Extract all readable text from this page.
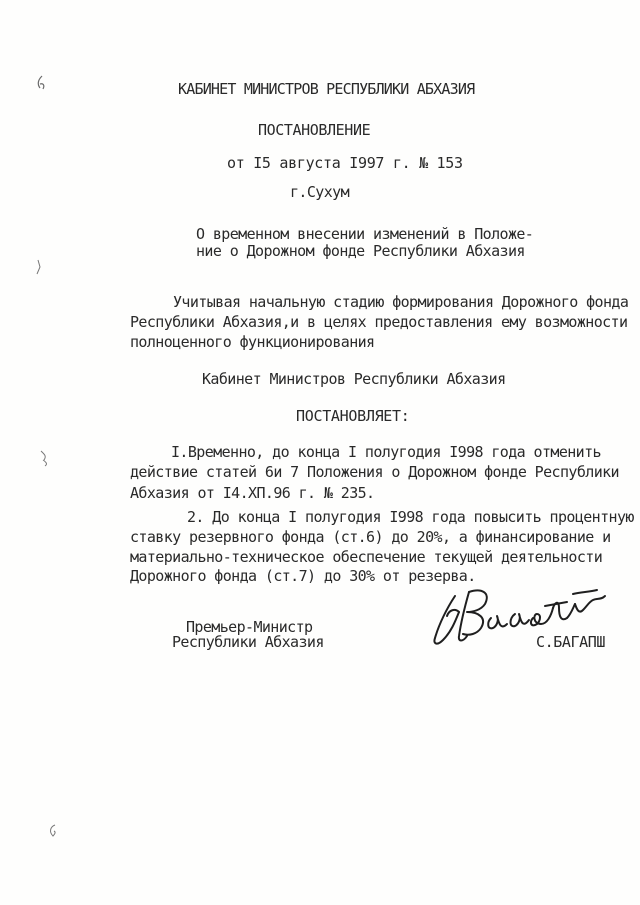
КАБИНЕТ МИНИСТРОВ РЕСПУБЛИКИ АБХАЗИЯ
ПОСТАНОВЛЕНИЕ
от I5 августа I997 г. № 153
г.Сухум
О временном внесении изменений в Положе-
ние о Дорожном фонде Республики Абхазия
Учитывая начальную стадию формирования Дорожного фонда
Республики Абхазия,и в целях предоставления ему возможности
полноценного функционирования
Кабинет Министров Республики Абхазия
ПОСТАНОВЛЯЕТ:
I.Временно, до конца I полугодия I998 года отменить
действие статей 6и 7 Положения о Дорожном фонде Республики
Абхазия от I4.ХП.96 г. № 235.
2. До конца I полугодия I998 года повысить процентную
ставку резервного фонда (ст.6) до 20%, а финансирование и
материально-техническое обеспечение текущей деятельности
Дорожного фонда (ст.7) до 30% от резерва.
Премьер-Министр
Республики Абхазия	С.БАГАПШ
